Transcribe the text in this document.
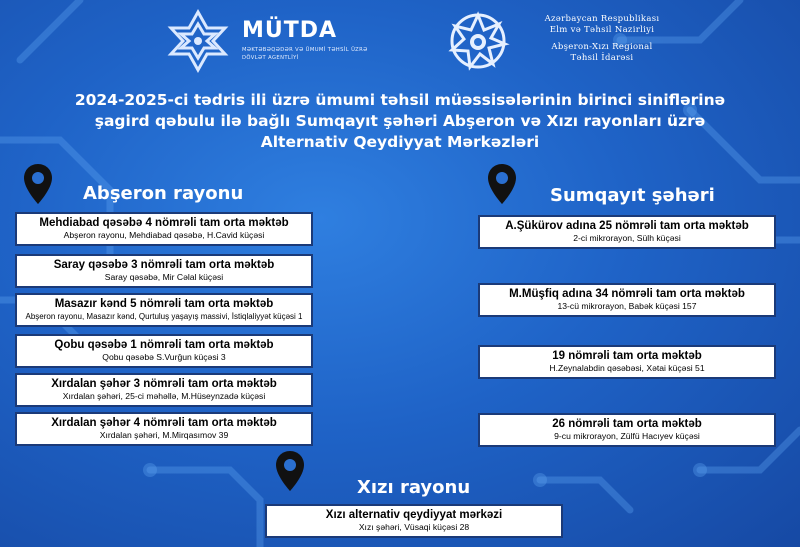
MÜTDA
MƏKTƏBƏQƏDƏR VƏ ÜMUMİ TƏHSİL ÜZRƏ DÖVLƏT AGENTLİYİ
Azərbaycan Respublikası
Elm və Təhsil Nazirliyi
Abşeron-Xızı Regional
Təhsil İdarəsi
2024-2025-ci tədris ili üzrə ümumi təhsil müəssisələrinin birinci siniflərinə
şagird qəbulu ilə bağlı Sumqayıt şəhəri Abşeron və Xızı rayonları üzrə
Alternativ Qeydiyyat Mərkəzləri
Abşeron rayonu
Mehdiabad qəsəbə 4 nömrəli tam orta məktəb
Abşeron rayonu, Mehdiabad qəsəbə, H.Cavid küçəsi
Saray qəsəbə 3 nömrəli tam orta məktəb
Saray qəsəbə, Mir Cəlal küçəsi
Masazır kənd 5 nömrəli tam orta məktəb
Abşeron rayonu, Masazır kənd, Qurtuluş yaşayış massivi, İstiqlaliyyət küçəsi 1
Qobu qəsəbə 1 nömrəli tam orta məktəb
Qobu qəsəbə S.Vurğun küçəsi 3
Xırdalan şəhər 3 nömrəli tam orta məktəb
Xırdalan şəhəri, 25-ci məhəllə, M.Hüseynzadə küçəsi
Xırdalan şəhər 4 nömrəli tam orta məktəb
Xırdalan şəhəri, M.Mirqasımov 39
Sumqayıt şəhəri
A.Şükürov adına 25 nömrəli tam orta məktəb
2-ci mikrorayon, Sülh küçəsi
M.Müşfiq adına 34 nömrəli tam orta məktəb
13-cü mikrorayon, Babək küçəsi 157
19 nömrəli tam orta məktəb
H.Zeynalabdin qəsəbəsi, Xətai küçəsi 51
26 nömrəli tam orta məktəb
9-cu mikrorayon, Zülfü Hacıyev küçəsi
Xızı rayonu
Xızı alternativ qeydiyyat mərkəzi
Xızı şəhəri, Vüsaqi küçəsi 28
